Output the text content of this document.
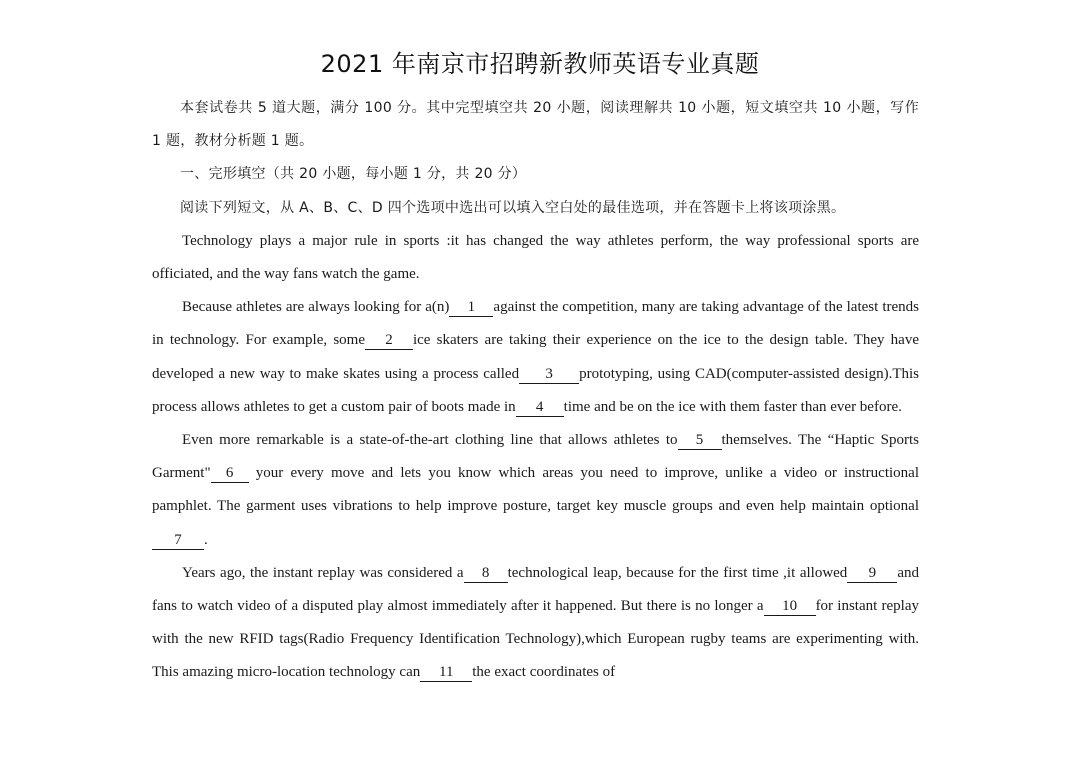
2021 年南京市招聘新教师英语专业真题

本套试卷共 5 道大题，满分 100 分。其中完型填空共 20 小题，阅读理解共 10 小题，短文填空共 10 小题，写作 1 题，教材分析题 1 题。

一、完形填空（共 20 小题，每小题 1 分，共 20 分）

阅读下列短文，从 A、B、C、D 四个选项中选出可以填入空白处的最佳选项，并在答题卡上将该项涂黑。

Technology plays a major rule in sports :it has changed the way athletes perform, the way professional sports are officiated, and the way fans watch the game.

Because athletes are always looking for a(n) 1 against the competition, many are taking advantage of the latest trends in technology. For example, some 2 ice skaters are taking their experience on the ice to the design table. They have developed a new way to make skates using a process called 3 prototyping, using CAD(computer-assisted design).This process allows athletes to get a custom pair of boots made in 4 time and be on the ice with them faster than ever before.

Even more remarkable is a state-of-the-art clothing line that allows athletes to 5 themselves. The “Haptic Sports Garment" 6 your every move and lets you know which areas you need to improve, unlike a video or instructional pamphlet. The garment uses vibrations to help improve posture, target key muscle groups and even help maintain optional7 .

Years ago, the instant replay was considered a 8 technological leap, because for the first time ,it allowed 9 and fans to watch video of a disputed play almost immediately after it happened. But there is no longer a 10 for instant replay with the new RFID tags(Radio Frequency Identification Technology),which European rugby teams are experimenting with. This amazing micro-location technology can 11 the exact coordinates of
